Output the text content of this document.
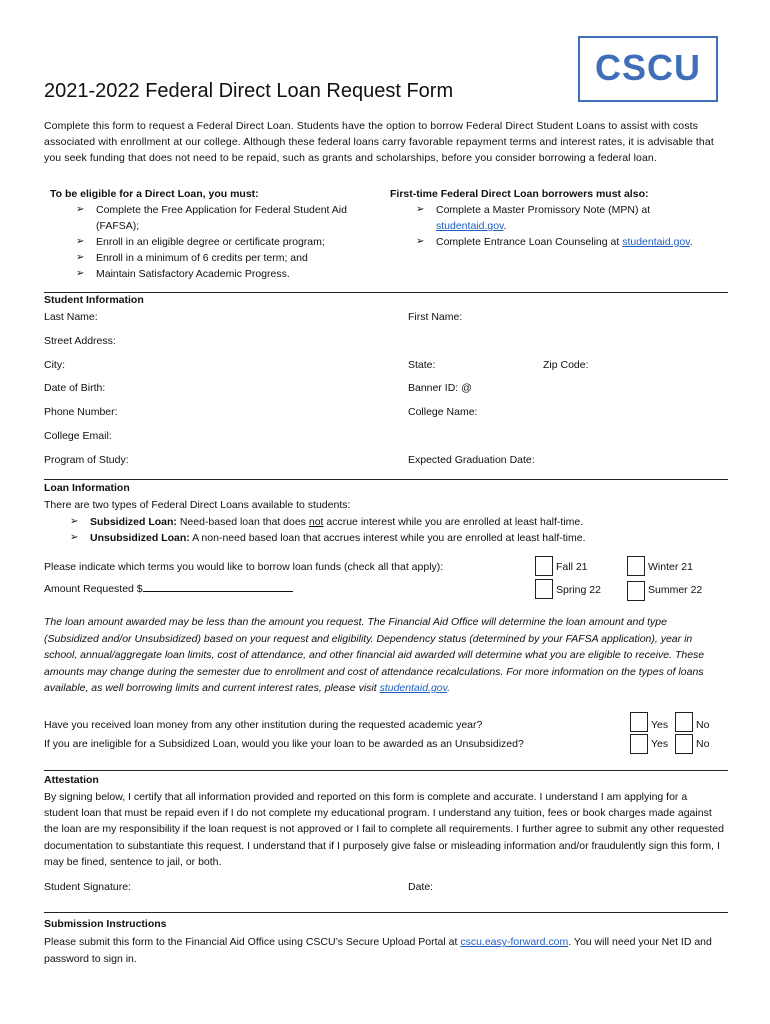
CSCU
2021-2022 Federal Direct Loan Request Form
Complete this form to request a Federal Direct Loan. Students have the option to borrow Federal Direct Student Loans to assist with costs associated with enrollment at our college. Although these federal loans carry favorable repayment terms and interest rates, it is advisable that you seek funding that does not need to be repaid, such as grants and scholarships, before you consider borrowing a federal loan.
To be eligible for a Direct Loan, you must:
➢ Complete the Free Application for Federal Student Aid (FAFSA);
➢ Enroll in an eligible degree or certificate program;
➢ Enroll in a minimum of 6 credits per term; and
➢ Maintain Satisfactory Academic Progress.
First-time Federal Direct Loan borrowers must also:
➢ Complete a Master Promissory Note (MPN) at
studentaid.gov.
➢ Complete Entrance Loan Counseling at studentaid.gov.
Student Information
Last Name:	First Name:
Street Address:
City:	State:	Zip Code:
Date of Birth:	Banner ID: @
Phone Number:	College Name:
College Email:
Program of Study:	Expected Graduation Date:
Loan Information
There are two types of Federal Direct Loans available to students:
➢ Subsidized Loan: Need-based loan that does not accrue interest while you are enrolled at least half-time.
➢ Unsubsidized Loan: A non-need based loan that accrues interest while you are enrolled at least half-time.
Please indicate which terms you would like to borrow loan funds (check all that apply):
Amount Requested $
Fall 21	Winter 21
Spring 22	Summer 22
The loan amount awarded may be less than the amount you request. The Financial Aid Office will determine the loan amount and type (Subsidized and/or Unsubsidized) based on your request and eligibility. Dependency status (determined by your FAFSA application), year in school, annual/aggregate loan limits, cost of attendance, and other financial aid awarded will determine what you are eligible to receive. These amounts may change during the semester due to enrollment and cost of attendance recalculations. For more information on the types of loans available, as well borrowing limits and current interest rates, please visit studentaid.gov.
Have you received loan money from any other institution during the requested academic year?	Yes	No
If you are ineligible for a Subsidized Loan, would you like your loan to be awarded as an Unsubsidized?	Yes	No
Attestation
By signing below, I certify that all information provided and reported on this form is complete and accurate. I understand I am applying for a student loan that must be repaid even if I do not complete my educational program. I understand any tuition, fees or book charges made against the loan are my responsibility if the loan request is not approved or I fail to complete all requirements. I further agree to submit any other requested documentation to substantiate this request. I understand that if I purposely give false or misleading information and/or fraudulently sign this form, I may be fined, sentence to jail, or both.
Student Signature:	Date:
Submission Instructions
Please submit this form to the Financial Aid Office using CSCU’s Secure Upload Portal at cscu.easy-forward.com. You will need your Net ID and password to sign in.
